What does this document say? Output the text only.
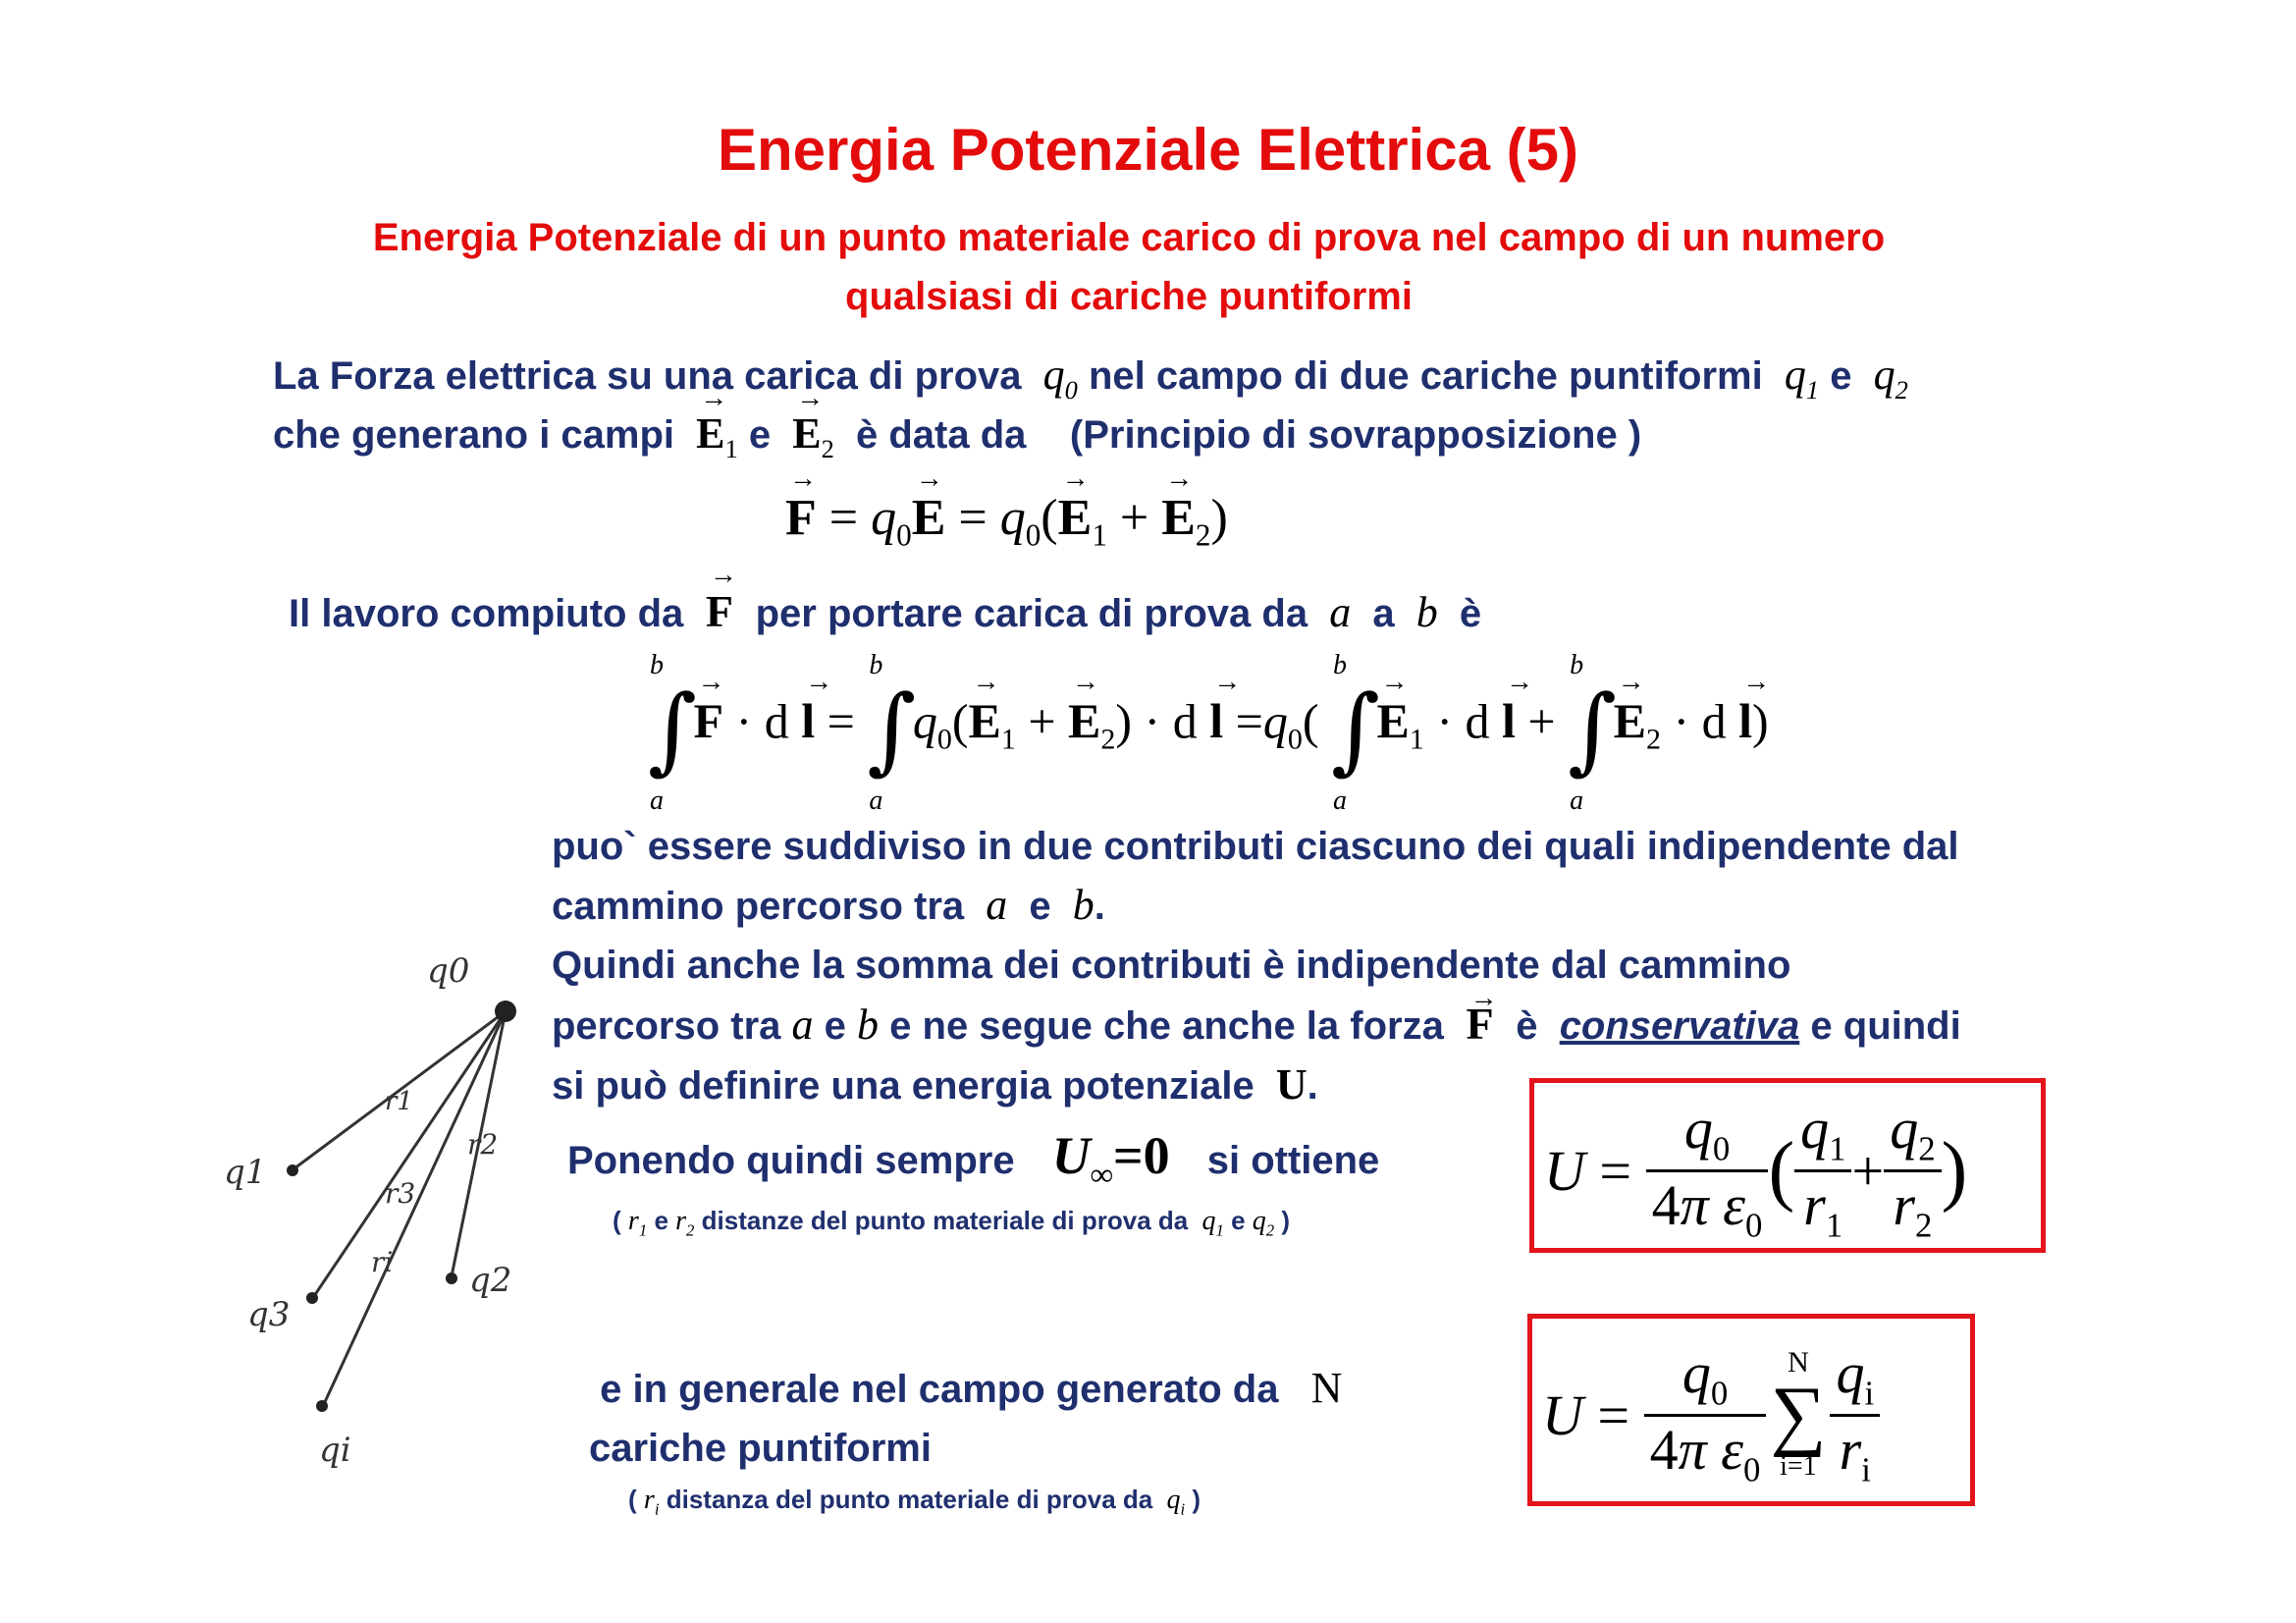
Energia Potenziale Elettrica (5)
Energia Potenziale di un punto materiale carico di prova nel campo di un numero
qualsiasi di cariche puntiformi
La Forza elettrica su una carica di prova  $q_0$ nel campo di due cariche puntiformi  $q_1$ e  $q_2$
che generano i campi → $E_1$ $e \to E_2$ è data da (Principio di sovrapposizione )
→ $F = q_0\to E = q_0(\to E_1$ + → $E_2$)
Il lavoro compiuto da → F per portare carica di prova da  a  a  b  è
b
∫
a
→ F · d → l =
b
∫
a
$q_0(\to E_1$ + → $E_2) \cdot d \to l =q_0$(
b
∫
a
→ $E_1 \cdot d \to l$ +
b
∫
a
→ $E_2 \cdot d \to l$)
puo` essere suddiviso in due contributi ciascuno dei quali indipendente dal
cammino percorso tra  a  e  b.
Quindi anche la somma dei contributi è indipendente dal cammino
percorso tra a e b e ne segue che anche la forza → F è conservativa e quindi
si può definire una energia potenziale  U.
Ponendo quindi sempre $U_\infty=0$   si ottiene
( $r_1$ e $r_2$ distanze del punto materiale di prova da  $q_1$ e $q_2$ )
$U = \frac{q_0}{4\pi \varepsilon_0}$ ( $\frac{q_1}{r_1} + \frac{q_2}{r_2}$ )
e in generale nel campo generato da   N
cariche puntiformi
( $r_i$ distanza del punto materiale di prova da  $q_i$ )
$U = \frac{q_0}{4\pi \varepsilon_0}$ N
∑
$i=1 \frac{q_i}{r_i}$
q0
q1
q2
q3
qi
r1
r2
r3
ri
